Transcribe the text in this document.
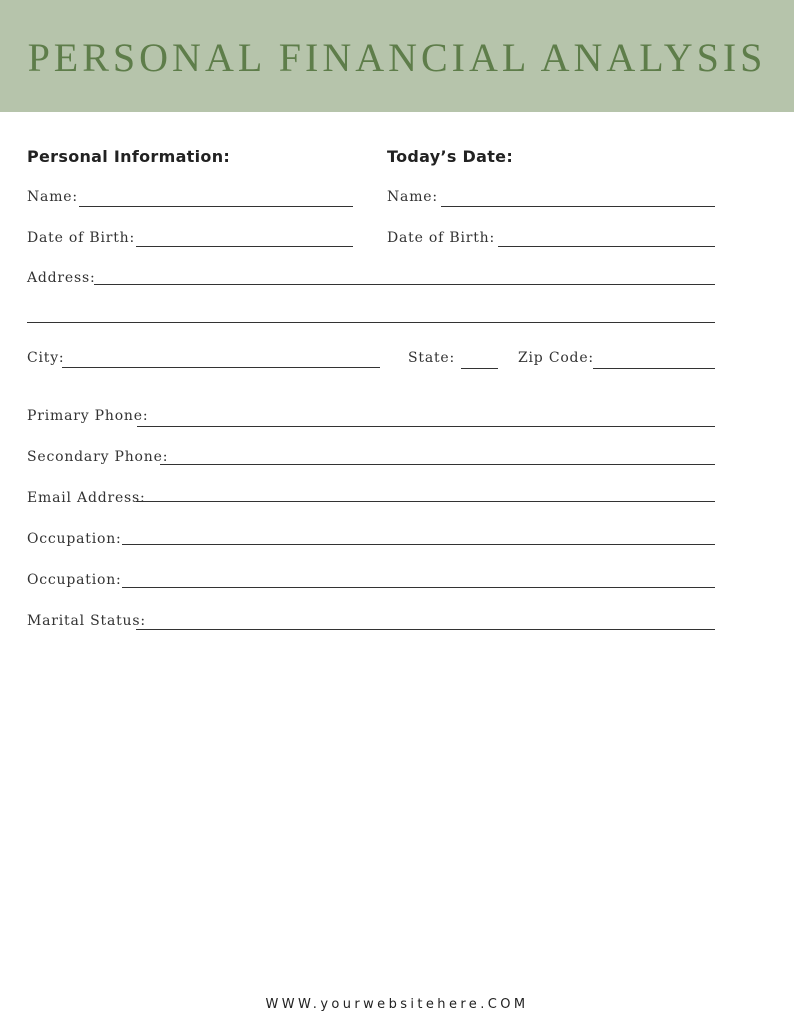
PERSONAL FINANCIAL ANALYSIS
Personal Information:	Today’s Date:
Name:	Name:
Date of Birth:	Date of Birth:
Address:
City:	State:	Zip Code:
Primary Phone:
Secondary Phone:
Email Address:
Occupation:
Occupation:
Marital Status:
WWW.yourwebsitehere.COM
